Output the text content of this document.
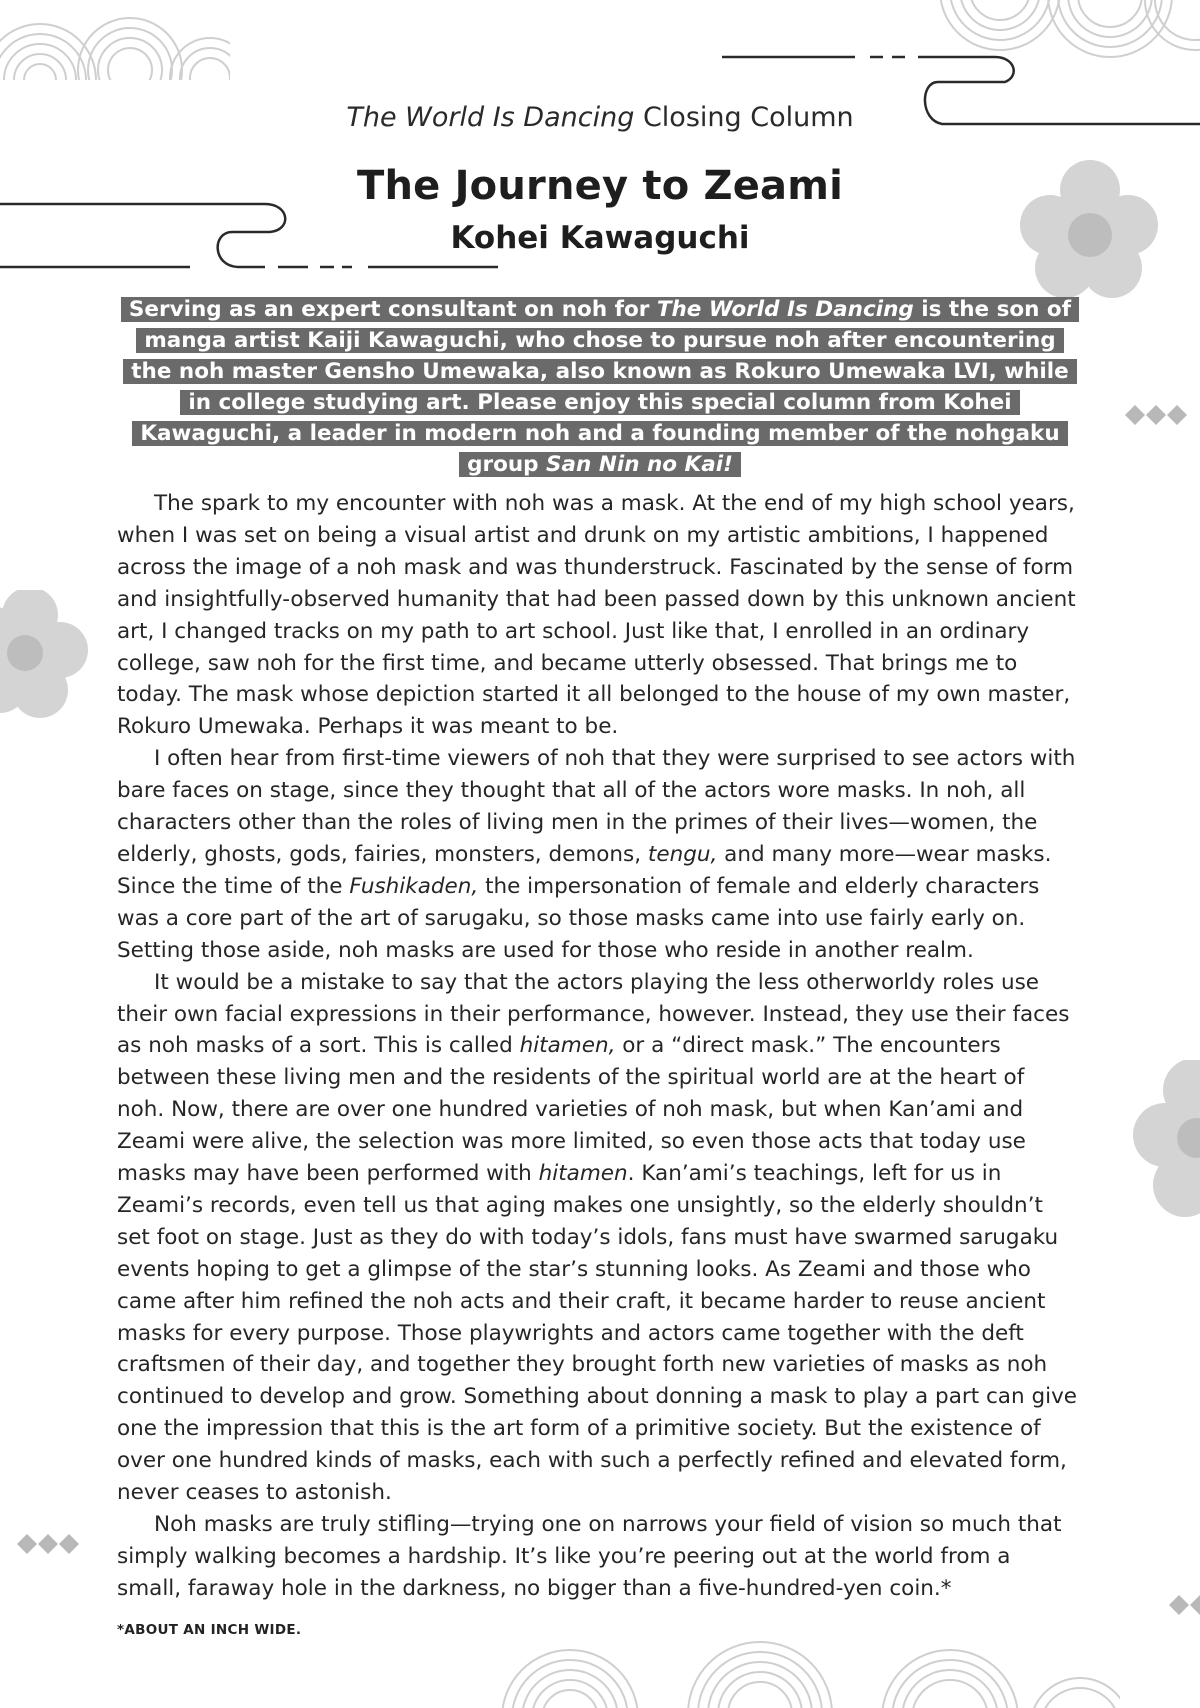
The World Is Dancing Closing Column
The Journey to Zeami
Kohei Kawaguchi
Serving as an expert consultant on noh for The World Is Dancing is the son of manga artist Kaiji Kawaguchi, who chose to pursue noh after encountering the noh master Gensho Umewaka, also known as Rokuro Umewaka LVI, while in college studying art. Please enjoy this special column from Kohei Kawaguchi, a leader in modern noh and a founding member of the nohgaku group San Nin no Kai!

The spark to my encounter with noh was a mask. At the end of my high school years, when I was set on being a visual artist and drunk on my artistic ambitions, I happened across the image of a noh mask and was thunderstruck. Fascinated by the sense of form and insightfully-observed humanity that had been passed down by this unknown ancient art, I changed tracks on my path to art school. Just like that, I enrolled in an ordinary college, saw noh for the first time, and became utterly obsessed. That brings me to today. The mask whose depiction started it all belonged to the house of my own master, Rokuro Umewaka. Perhaps it was meant to be.

I often hear from first-time viewers of noh that they were surprised to see actors with bare faces on stage, since they thought that all of the actors wore masks. In noh, all characters other than the roles of living men in the primes of their lives—women, the elderly, ghosts, gods, fairies, monsters, demons, tengu, and many more—wear masks. Since the time of the Fushikaden, the impersonation of female and elderly characters was a core part of the art of sarugaku, so those masks came into use fairly early on. Setting those aside, noh masks are used for those who reside in another realm.

It would be a mistake to say that the actors playing the less otherworldy roles use their own facial expressions in their performance, however. Instead, they use their faces as noh masks of a sort. This is called hitamen, or a “direct mask.” The encounters between these living men and the residents of the spiritual world are at the heart of noh. Now, there are over one hundred varieties of noh mask, but when Kan’ami and Zeami were alive, the selection was more limited, so even those acts that today use masks may have been performed with hitamen. Kan’ami’s teachings, left for us in Zeami’s records, even tell us that aging makes one unsightly, so the elderly shouldn’t set foot on stage. Just as they do with today’s idols, fans must have swarmed sarugaku events hoping to get a glimpse of the star’s stunning looks. As Zeami and those who came after him refined the noh acts and their craft, it became harder to reuse ancient masks for every purpose. Those playwrights and actors came together with the deft craftsmen of their day, and together they brought forth new varieties of masks as noh continued to develop and grow. Something about donning a mask to play a part can give one the impression that this is the art form of a primitive society. But the existence of over one hundred kinds of masks, each with such a perfectly refined and elevated form, never ceases to astonish.

Noh masks are truly stifling—trying one on narrows your field of vision so much that simply walking becomes a hardship. It’s like you’re peering out at the world from a small, faraway hole in the darkness, no bigger than a five-hundred-yen coin.*

*ABOUT AN INCH WIDE.
